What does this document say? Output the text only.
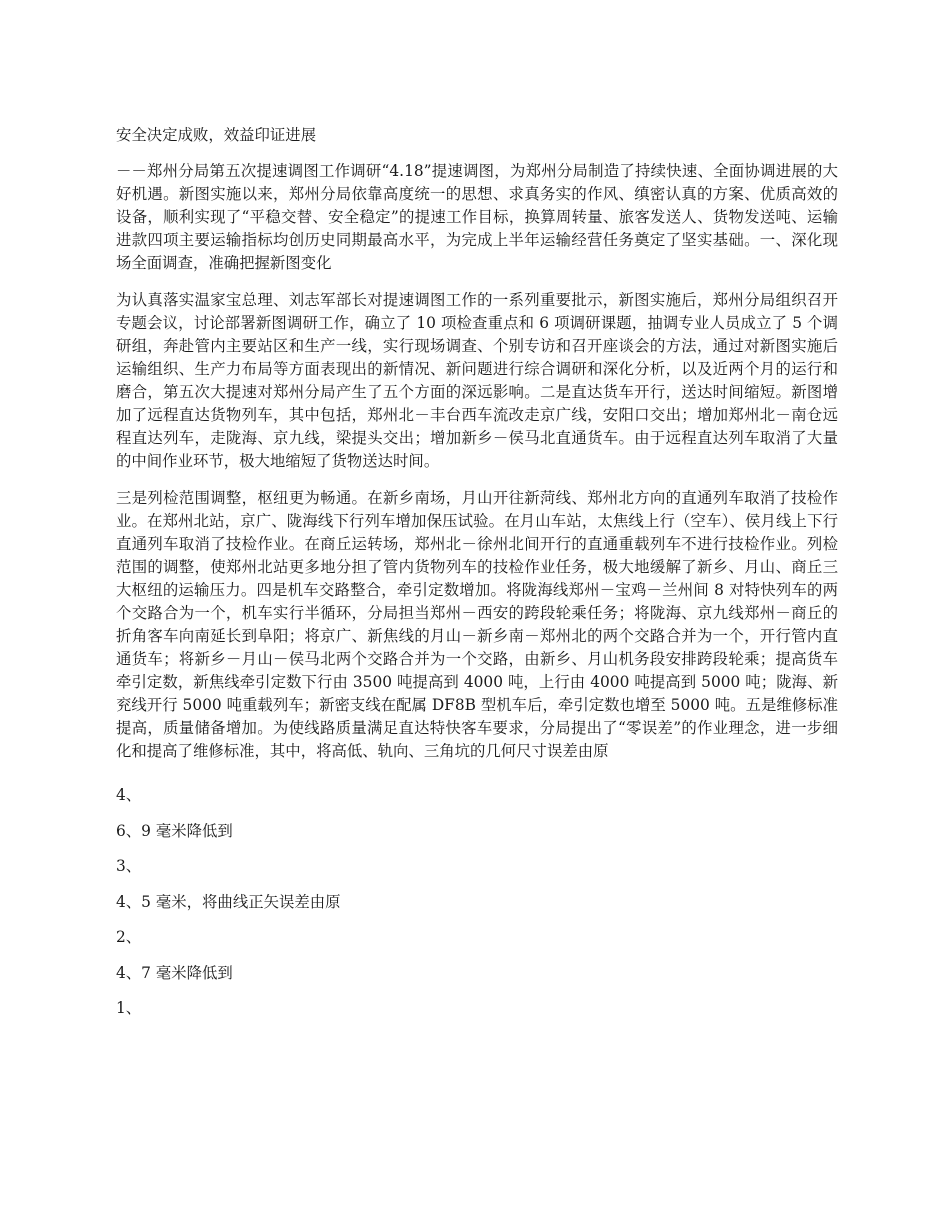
安全决定成败，效益印证进展

－－郑州分局第五次提速调图工作调研“4.18”提速调图，为郑州分局制造了持续快速、全面协调进展的大好机遇。新图实施以来，郑州分局依靠高度统一的思想、求真务实的作风、缜密认真的方案、优质高效的设备，顺利实现了“平稳交替、安全稳定”的提速工作目标，换算周转量、旅客发送人、货物发送吨、运输进款四项主要运输指标均创历史同期最高水平，为完成上半年运输经营任务奠定了坚实基础。一、深化现场全面调查，准确把握新图变化

为认真落实温家宝总理、刘志军部长对提速调图工作的一系列重要批示，新图实施后，郑州分局组织召开专题会议，讨论部署新图调研工作，确立了 10 项检查重点和 6 项调研课题，抽调专业人员成立了 5 个调研组，奔赴管内主要站区和生产一线，实行现场调查、个别专访和召开座谈会的方法，通过对新图实施后运输组织、生产力布局等方面表现出的新情况、新问题进行综合调研和深化分析，以及近两个月的运行和磨合，第五次大提速对郑州分局产生了五个方面的深远影响。二是直达货车开行，送达时间缩短。新图增加了远程直达货物列车，其中包括，郑州北－丰台西车流改走京广线，安阳口交出；增加郑州北－南仓远程直达列车，走陇海、京九线，梁提头交出；增加新乡－侯马北直通货车。由于远程直达列车取消了大量的中间作业环节，极大地缩短了货物送达时间。

三是列检范围调整，枢纽更为畅通。在新乡南场，月山开往新菏线、郑州北方向的直通列车取消了技检作业。在郑州北站，京广、陇海线下行列车增加保压试验。在月山车站，太焦线上行（空车）、侯月线上下行直通列车取消了技检作业。在商丘运转场，郑州北－徐州北间开行的直通重载列车不进行技检作业。列检范围的调整，使郑州北站更多地分担了管内货物列车的技检作业任务，极大地缓解了新乡、月山、商丘三大枢纽的运输压力。四是机车交路整合，牵引定数增加。将陇海线郑州－宝鸡－兰州间 8 对特快列车的两个交路合为一个，机车实行半循环，分局担当郑州－西安的跨段轮乘任务；将陇海、京九线郑州－商丘的折角客车向南延长到阜阳；将京广、新焦线的月山－新乡南－郑州北的两个交路合并为一个，开行管内直通货车；将新乡－月山－侯马北两个交路合并为一个交路，由新乡、月山机务段安排跨段轮乘；提高货车牵引定数，新焦线牵引定数下行由 3500 吨提高到 4000 吨，上行由 4000 吨提高到 5000 吨；陇海、新兖线开行 5000 吨重载列车；新密支线在配属 DF8B 型机车后，牵引定数也增至 5000 吨。五是维修标准提高，质量储备增加。为使线路质量满足直达特快客车要求，分局提出了“零误差”的作业理念，进一步细化和提高了维修标准，其中，将高低、轨向、三角坑的几何尺寸误差由原

4、

6、9 毫米降低到

3、

4、5 毫米，将曲线正矢误差由原

2、

4、7 毫米降低到

1、
